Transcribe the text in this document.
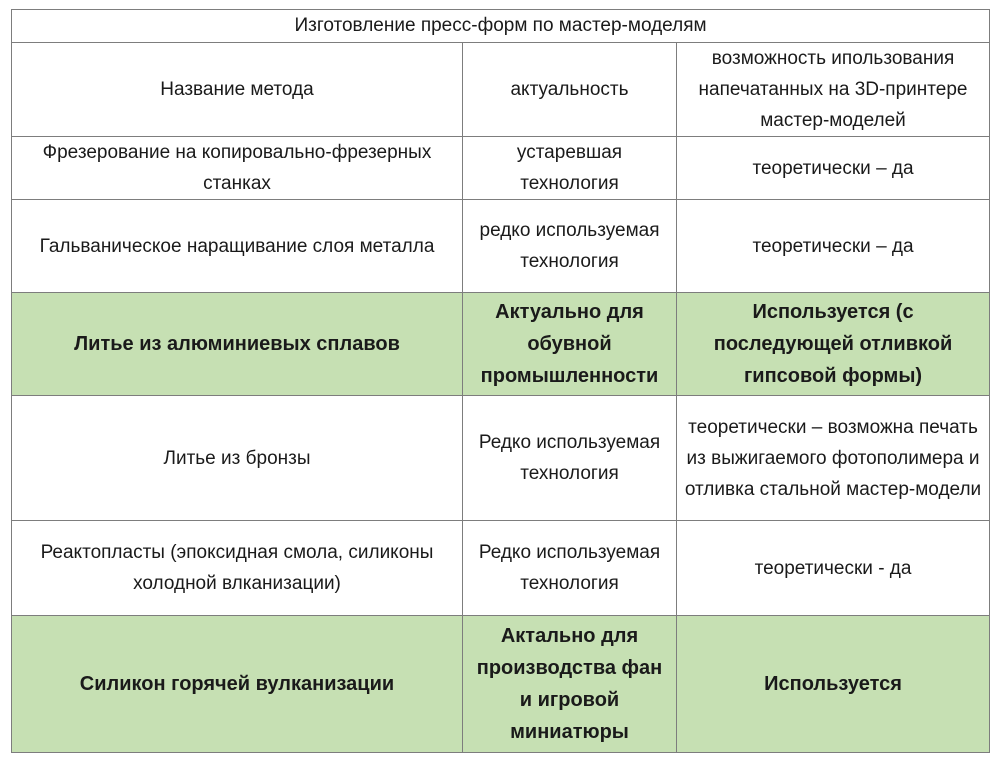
Изготовление пресс-форм по мастер-моделям		
Название метода	актуальность	возможность ипользования напечатанных на 3D-принтере мастер-моделей
Фрезерование на копировально-фрезерных станках	устаревшая технология	теоретически – да
Гальваническое наращивание слоя металла	редко используемая технология	теоретически – да
Литье из алюминиевых сплавов	Актуально для обувной промышленности	Используется (с последующей отливкой гипсовой формы)
Литье из бронзы	Редко используемая технология	теоретически – возможна печать из выжигаемого фотополимера и отливка стальной мастер-модели
Реактопласты (эпоксидная смола, силиконы холодной влканизации)	Редко используемая технология	теоретически - да
Силикон горячей вулканизации	Актально для производства фан и игровой миниатюры	Используется
